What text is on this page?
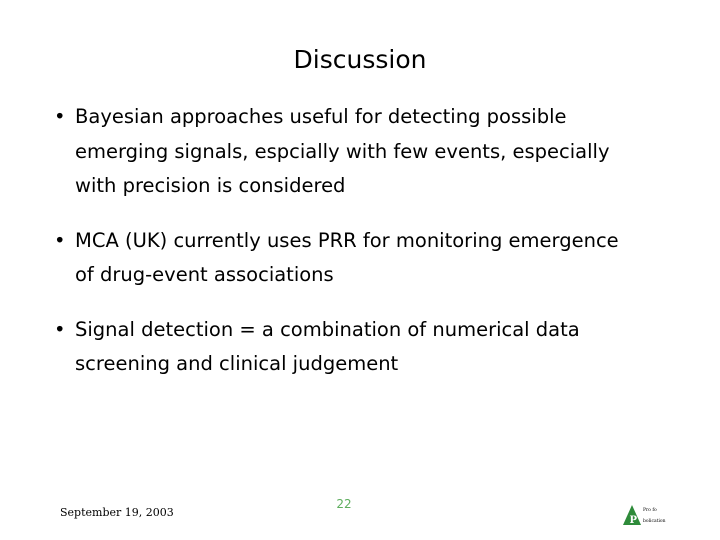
Discussion
• Bayesian approaches useful for detecting possible
emerging signals, espcially with few events, especially
with precision is considered
• MCA (UK) currently uses PRR for monitoring emergence
of drug-event associations
• Signal detection = a combination of numerical data
screening and clinical judgement
September 19, 2003
22
P
Pro fo
bolication
